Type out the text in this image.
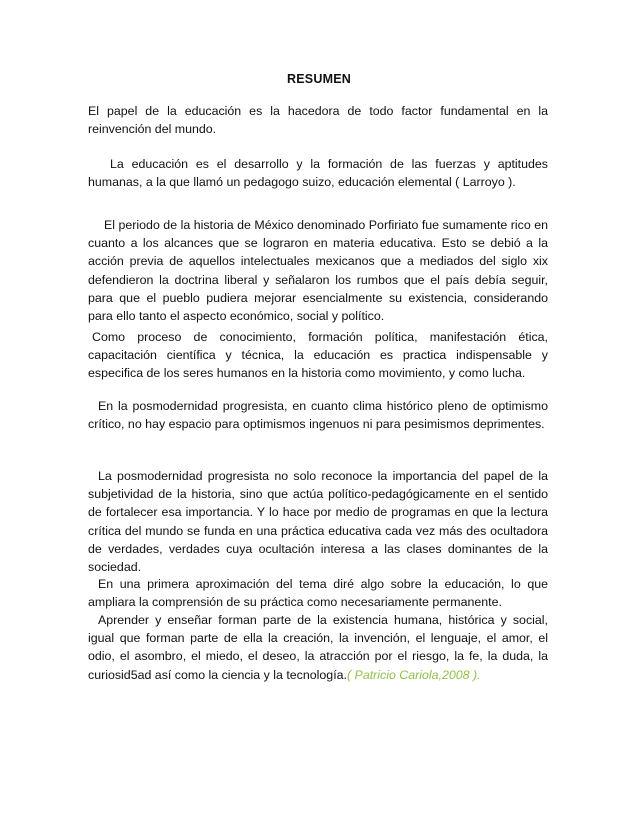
RESUMEN

El papel de la educación es la hacedora de todo factor fundamental en la reinvención del mundo.

La educación es el desarrollo y la formación de las fuerzas y aptitudes humanas, a la que llamó un pedagogo suizo, educación elemental ( Larroyo ).

El periodo de la historia de México denominado Porfiriato fue sumamente rico en cuanto a los alcances que se lograron en materia educativa. Esto se debió a la acción previa de aquellos intelectuales mexicanos que a mediados del siglo xix defendieron la doctrina liberal y señalaron los rumbos que el país debía seguir, para que el pueblo pudiera mejorar esencialmente su existencia, considerando para ello tanto el aspecto económico, social y político.

Como proceso de conocimiento, formación política, manifestación ética, capacitación científica y técnica, la educación es practica indispensable y especifica de los seres humanos en la historia como movimiento, y como lucha.

En la posmodernidad progresista, en cuanto clima histórico pleno de optimismo crítico, no hay espacio para optimismos ingenuos ni para pesimismos deprimentes.

La posmodernidad progresista no solo reconoce la importancia del papel de la subjetividad de la historia, sino que actúa político-pedagógicamente en el sentido de fortalecer esa importancia. Y lo hace por medio de programas en que la lectura crítica del mundo se funda en una práctica educativa cada vez más des ocultadora de verdades, verdades cuya ocultación interesa a las clases dominantes de la sociedad.

En una primera aproximación del tema diré algo sobre la educación, lo que ampliara la comprensión de su práctica como necesariamente permanente.

Aprender y enseñar forman parte de la existencia humana, histórica y social, igual que forman parte de ella la creación, la invención, el lenguaje, el amor, el odio, el asombro, el miedo, el deseo, la atracción por el riesgo, la fe, la duda, la curiosid5ad así como la ciencia y la tecnología.( Patricio Cariola,2008 ).
